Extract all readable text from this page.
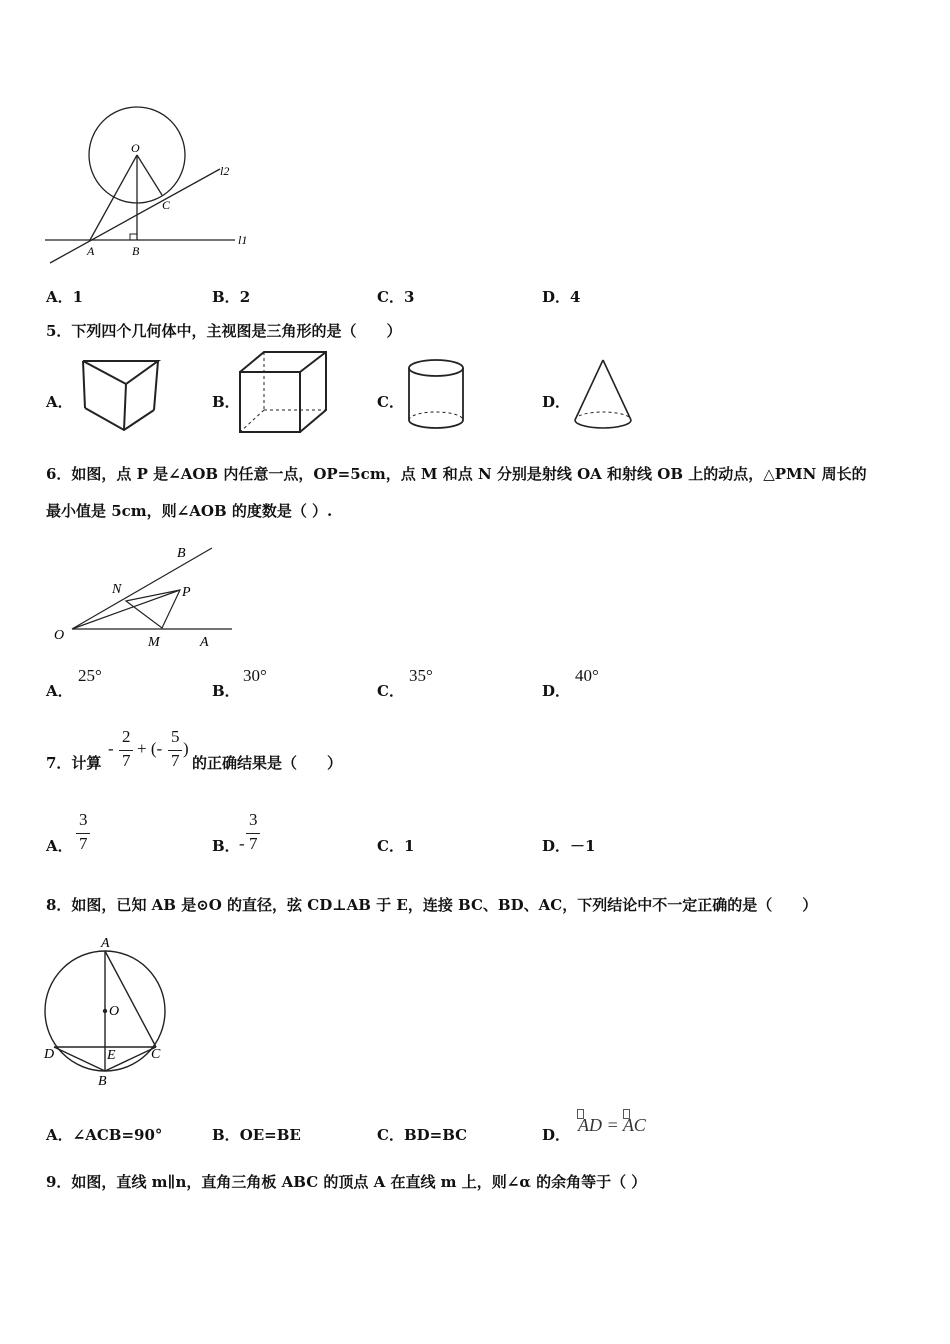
O
C
A	B
l2
l1
A．1	B．2	C．3	D．4
5．下列四个几何体中，主视图是三角形的是（　　）
A．	B．	C．	D．
6．如图，点 P 是∠AOB 内任意一点，OP=5cm，点 M 和点 N 分别是射线 OA 和射线 OB 上的动点，△PMN 周长的
最小值是 5cm，则∠AOB 的度数是（ ）.
B
N	P
O	M	A
A．
25°
B．
30°
C．
35°
D．
40°
7．计算
-
2
7
+ (-
5
7
)
的正确结果是（　　）
A．
3
7	B． -
3
7	C．1	D．－1
8．如图，已知 AB 是⊙O 的直径，弦 CD⊥AB 于 E，连接 BC、BD、AC，下列结论中不一定正确的是（　　）
A
O
D	E	C
B
A．∠ACB=90°	B．OE=BE	C．BD=BC	D． AD = AC
9．如图，直线 m∥n，直角三角板 ABC 的顶点 A 在直线 m 上，则∠α 的余角等于（ ）
